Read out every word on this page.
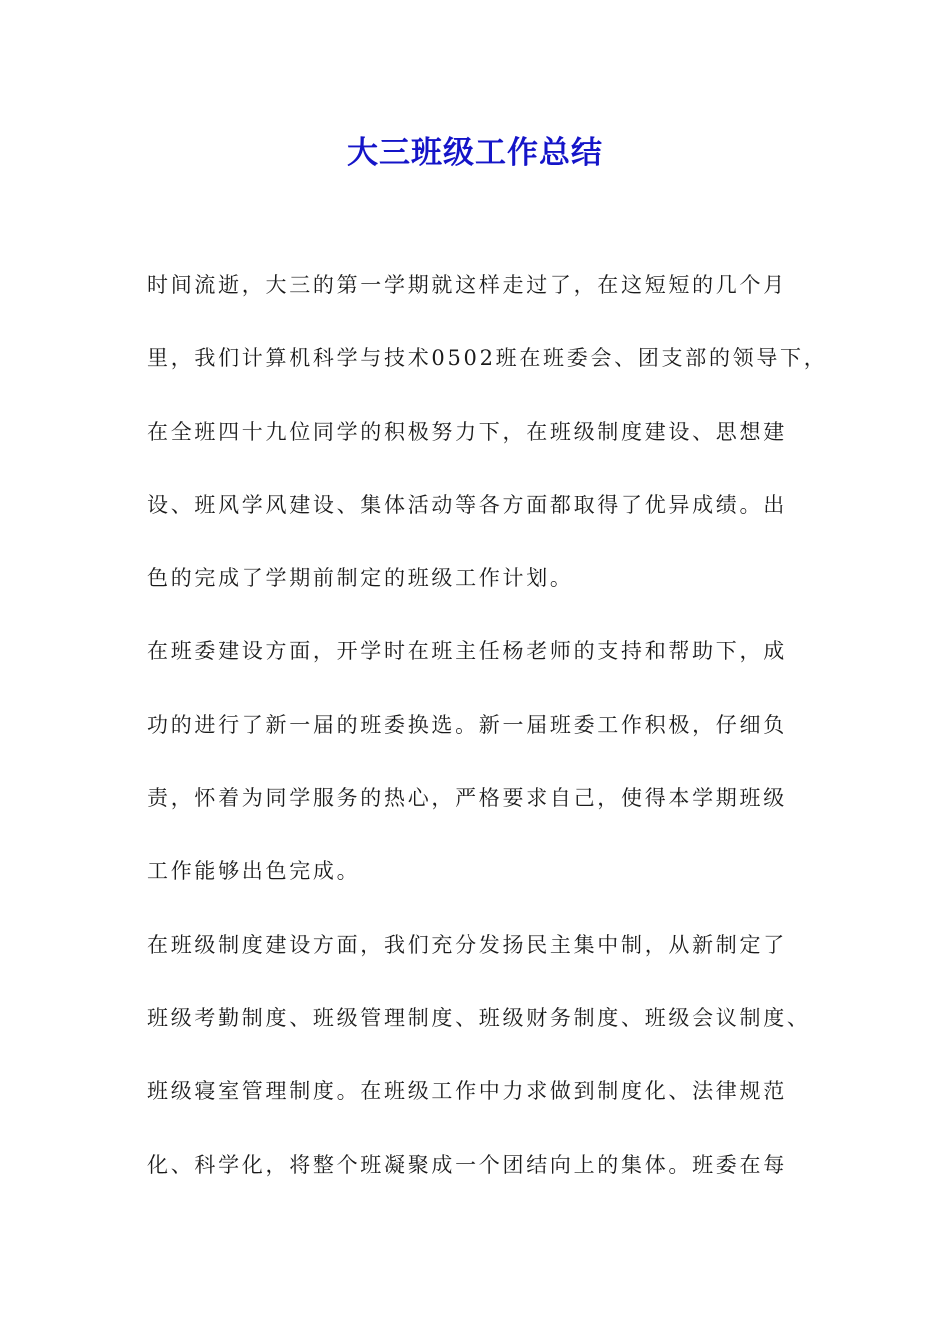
大三班级工作总结
时间流逝，大三的第一学期就这样走过了，在这短短的几个月
里，我们计算机科学与技术0502班在班委会、团支部的领导下，
在全班四十九位同学的积极努力下，在班级制度建设、思想建
设、班风学风建设、集体活动等各方面都取得了优异成绩。出
色的完成了学期前制定的班级工作计划。
在班委建设方面，开学时在班主任杨老师的支持和帮助下，成
功的进行了新一届的班委换选。新一届班委工作积极，仔细负
责，怀着为同学服务的热心，严格要求自己，使得本学期班级
工作能够出色完成。
在班级制度建设方面，我们充分发扬民主集中制，从新制定了
班级考勤制度、班级管理制度、班级财务制度、班级会议制度、
班级寝室管理制度。在班级工作中力求做到制度化、法律规范
化、科学化，将整个班凝聚成一个团结向上的集体。班委在每
